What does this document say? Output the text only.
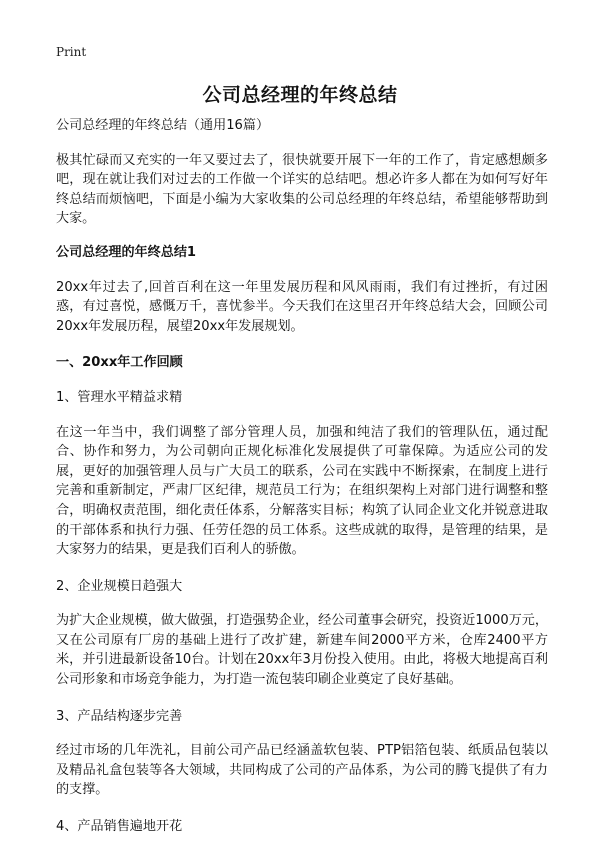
Print
公司总经理的年终总结

公司总经理的年终总结（通用16篇）

极其忙碌而又充实的一年又要过去了，很快就要开展下一年的工作了，肯定感想颇多吧，现在就让我们对过去的工作做一个详实的总结吧。想必许多人都在为如何写好年终总结而烦恼吧，下面是小编为大家收集的公司总经理的年终总结，希望能够帮助到大家。

公司总经理的年终总结1

20xx年过去了,回首百利在这一年里发展历程和风风雨雨，我们有过挫折，有过困惑，有过喜悦，感慨万千，喜忧参半。今天我们在这里召开年终总结大会，回顾公司20xx年发展历程，展望20xx年发展规划。

一、20xx年工作回顾

1、管理水平精益求精

在这一年当中，我们调整了部分管理人员，加强和纯洁了我们的管理队伍，通过配合、协作和努力，为公司朝向正规化标准化发展提供了可靠保障。为适应公司的发展，更好的加强管理人员与广大员工的联系，公司在实践中不断探索，在制度上进行完善和重新制定，严肃厂区纪律，规范员工行为；在组织架构上对部门进行调整和整合，明确权责范围，细化责任体系，分解落实目标；构筑了认同企业文化并锐意进取的干部体系和执行力强、任劳任怨的员工体系。这些成就的取得，是管理的结果，是大家努力的结果，更是我们百利人的骄傲。

2、企业规模日趋强大

为扩大企业规模，做大做强，打造强势企业，经公司董事会研究，投资近1000万元，又在公司原有厂房的基础上进行了改扩建，新建车间2000平方米，仓库2400平方米，并引进最新设备10台。计划在20xx年3月份投入使用。由此，将极大地提高百利公司形象和市场竞争能力，为打造一流包装印刷企业奠定了良好基础。

3、产品结构逐步完善

经过市场的几年洗礼，目前公司产品已经涵盖软包装、PTP铝箔包装、纸质品包装以及精品礼盒包装等各大领域，共同构成了公司的产品体系，为公司的腾飞提供了有力的支撑。

4、产品销售遍地开花
